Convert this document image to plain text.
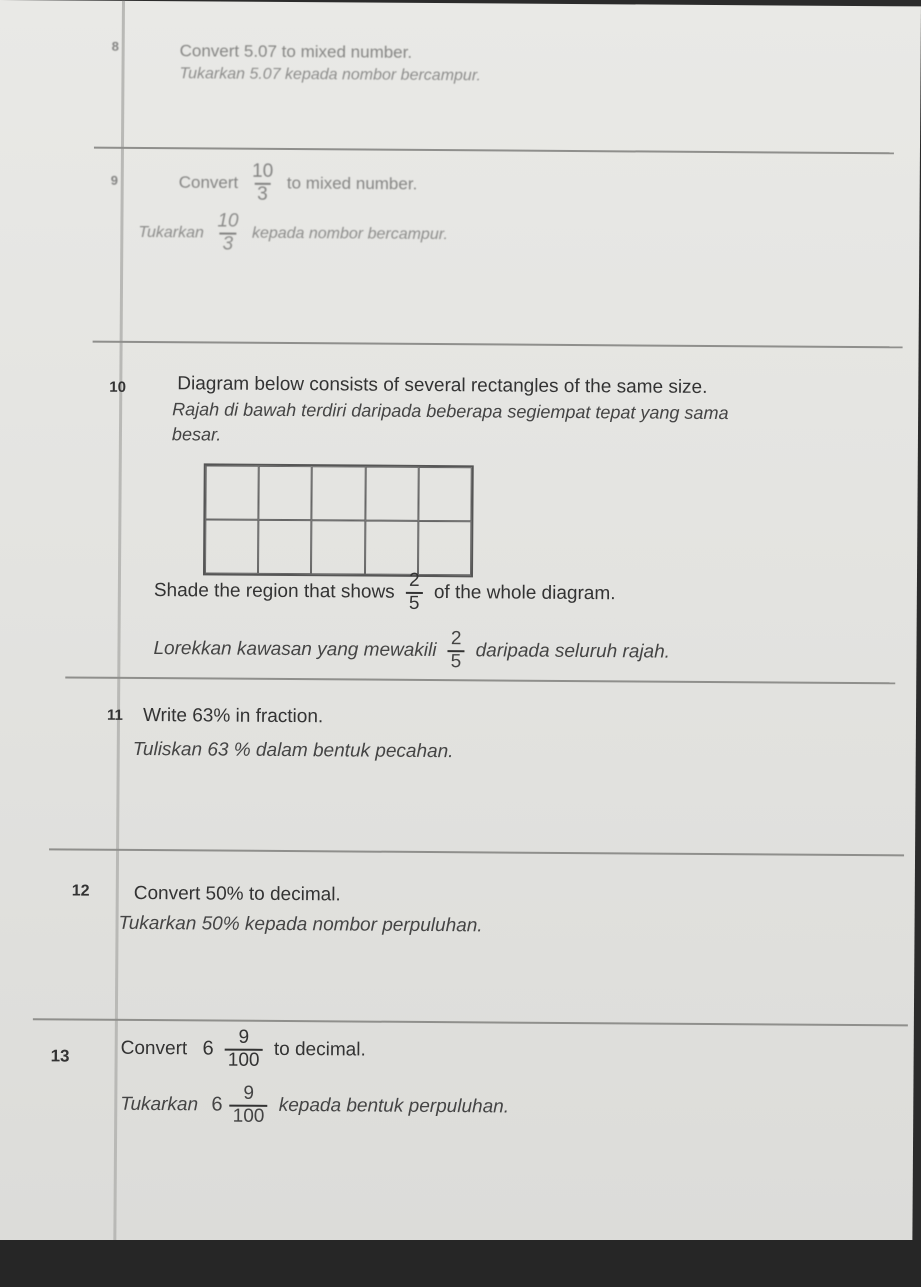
8	Convert 5.07 to mixed number.
Tukarkan 5.07 kepada nombor bercampur.
9	Convert $\frac{10}{3}$ to mixed number.
Tukarkan $\frac{10}{3}$ kepada nombor bercampur.
10	Diagram below consists of several rectangles of the same size.
Rajah di bawah terdiri daripada beberapa segiempat tepat yang sama
besar.
Shade the region that shows $\frac{2}{5}$ of the whole diagram.
Lorekkan kawasan yang mewakili $\frac{2}{5}$ daripada seluruh rajah.
11 Write 63% in fraction.
Tuliskan 63 % dalam bentuk pecahan.
12 Convert 50% to decimal.
Tukarkan 50% kepada nombor perpuluhan.
13	Convert $6 \frac{9}{100}$ to decimal.
Tukarkan $6 \frac{9}{100}$ kepada bentuk perpuluhan.
